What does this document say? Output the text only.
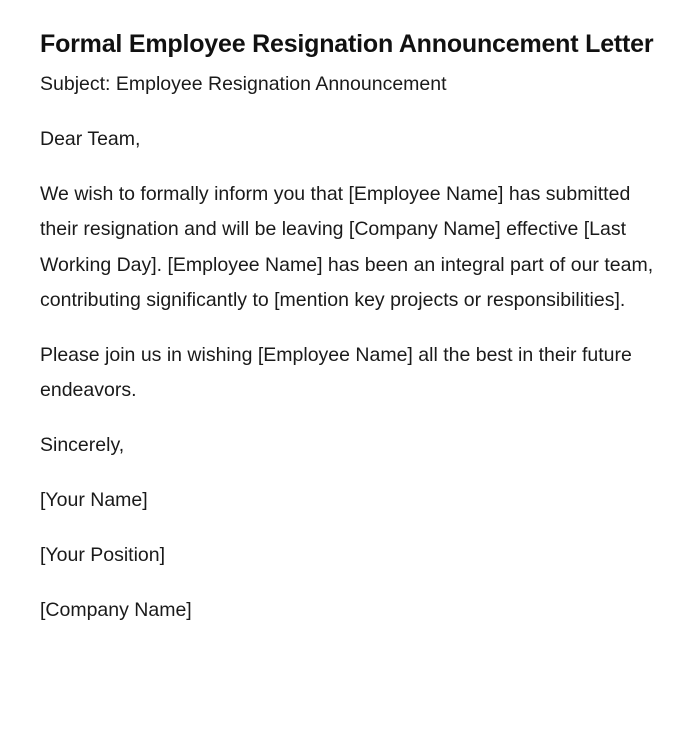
Formal Employee Resignation Announcement Letter

Subject: Employee Resignation Announcement

Dear Team,

We wish to formally inform you that [Employee Name] has submitted their resignation and will be leaving [Company Name] effective [Last Working Day]. [Employee Name] has been an integral part of our team, contributing significantly to [mention key projects or responsibilities].

Please join us in wishing [Employee Name] all the best in their future endeavors.

Sincerely,

[Your Name]

[Your Position]

[Company Name]
